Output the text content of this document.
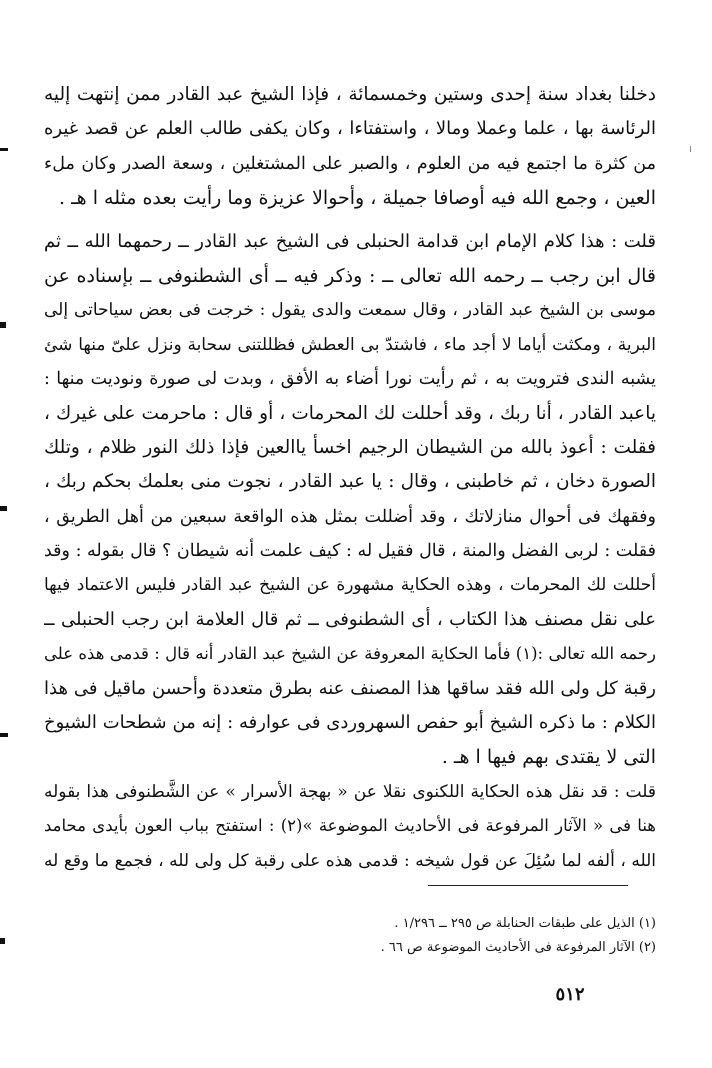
دخلنا بغداد سنة إحدى وستين وخمسمائة ، فإذا الشيخ عبد القادر ممن إنتهت إليه
الرئاسة بها ، علما وعملا ومالا ، واستفتاءا ، وكان يكفى طالب العلم عن قصد غيره
من كثرة ما اجتمع فيه من العلوم ، والصبر على المشتغلين ، وسعة الصدر وكان ملء
العين ، وجمع الله فيه أوصافا جميلة ، وأحوالا عزيزة وما رأيت بعده مثله ا هـ .
قلت : هذا كلام الإمام ابن قدامة الحنبلى فى الشيخ عبد القادر ــ رحمهما الله ــ ثم
قال ابن رجب ــ رحمه الله تعالى ــ : وذكر فيه ــ أى الشطنوفى ــ بإسناده عن
موسى بن الشيخ عبد القادر ، وقال سمعت والدى يقول : خرجت فى بعض سياحاتى إلى
البرية ، ومكثت أياما لا أجد ماء ، فاشتدّ بى العطش فظللتنى سحابة ونزل علىّ منها شئ
يشبه الندى فترويت به ، ثم رأيت نورا أضاء به الأفق ، وبدت لى صورة ونوديت منها :
ياعبد القادر ، أنا ربك ، وقد أحللت لك المحرمات ، أو قال : ماحرمت على غيرك ،
فقلت : أعوذ بالله من الشيطان الرجيم اخسأ ياالعين فإذا ذلك النور ظلام ، وتلك
الصورة دخان ، ثم خاطبنى ، وقال : يا عبد القادر ، نجوت منى بعلمك بحكم ربك ،
وفقهك فى أحوال منازلاتك ، وقد أضللت بمثل هذه الواقعة سبعين من أهل الطريق ،
فقلت : لربى الفضل والمنة ، قال فقيل له : كيف علمت أنه شيطان ؟ قال بقوله : وقد
أحللت لك المحرمات ، وهذه الحكاية مشهورة عن الشيخ عبد القادر فليس الاعتماد فيها
على نقل مصنف هذا الكتاب ، أى الشطنوفى ــ ثم قال العلامة ابن رجب الحنبلى ــ
رحمه الله تعالى :(١) فأما الحكاية المعروفة عن الشيخ عبد القادر أنه قال : قدمى هذه على
رقبة كل ولى الله فقد ساقها هذا المصنف عنه بطرق متعددة وأحسن ماقيل فى هذا
الكلام : ما ذكره الشيخ أبو حفص السهروردى فى عوارفه : إنه من شطحات الشيوخ
التى لا يقتدى بهم فيها ا هـ .
قلت : قد نقل هذه الحكاية اللكنوى نقلا عن « بهجة الأسرار » عن الشَّطنوفى هذا بقوله
هنا فى « الآثار المرفوعة فى الأحاديث الموضوعة »(٢) : استفتح بباب العون بأيدى محامد
الله ، ألفه لما سُئِلَ عن قول شيخه : قدمى هذه على رقبة كل ولى لله ، فجمع ما وقع له
(١) الذيل على طبقات الحنابلة ص ٢٩٥ ــ ١/٢٩٦ .
(٢) الآثار المرفوعة فى الأحاديث الموضوعة ص ٦٦ .
٥١٢
